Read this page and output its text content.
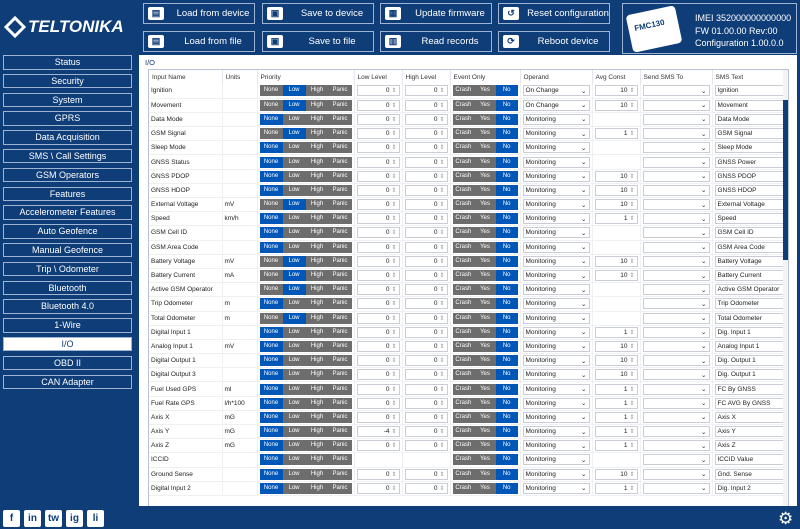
TELTONIKA
▤	Load from device	▣	Save to device	▦	Update firmware	↺	Reset configuration
▤	Load from file	▣	Save to file	▥	Read records	⟳	Reboot device
FMC130	IMEI 352000000000000
FW 01.00.00 Rev:00
Configuration 1.00.0.0
Status
Security
System
GPRS
Data Acquisition
SMS \ Call Settings
GSM Operators
Features
Accelerometer Features
Auto Geofence
Manual Geofence
Trip \ Odometer
Bluetooth
Bluetooth 4.0
1-Wire
I/O
OBD II
CAN Adapter
I/O
Input Name	Units	Priority	Low Level	High Level	Event Only	Operand	Avg Const	Send SMS To	SMS Text
Ignition		None Low High Panic	0 ⇕	0 ⇕	Crash Yes No	On Change ⌄	10 ⇕	⌄	Ignition

Movement		None Low High Panic	0 ⇕	0 ⇕	Crash Yes No	On Change ⌄	10 ⇕	⌄	Movement

Data Mode		None Low High Panic	0 ⇕	0 ⇕	Crash Yes No	Monitoring ⌄		⌄	Data Mode

GSM Signal		None Low High Panic	0 ⇕	0 ⇕	Crash Yes No	Monitoring ⌄	1 ⇕	⌄	GSM Signal

Sleep Mode		None Low High Panic	0 ⇕	0 ⇕	Crash Yes No	Monitoring ⌄		⌄	Sleep Mode

GNSS Status		None Low High Panic	0 ⇕	0 ⇕	Crash Yes No	Monitoring ⌄		⌄	GNSS Power

GNSS PDOP		None Low High Panic	0 ⇕	0 ⇕	Crash Yes No	Monitoring ⌄	10 ⇕	⌄	GNSS PDOP

GNSS HDOP		None Low High Panic	0 ⇕	0 ⇕	Crash Yes No	Monitoring ⌄	10 ⇕	⌄	GNSS HDOP

External Voltage	mV	None Low High Panic	0 ⇕	0 ⇕	Crash Yes No	Monitoring ⌄	10 ⇕	⌄	External Voltage

Speed	km/h	None Low High Panic	0 ⇕	0 ⇕	Crash Yes No	Monitoring ⌄	1 ⇕	⌄	Speed

GSM Cell ID		None Low High Panic	0 ⇕	0 ⇕	Crash Yes No	Monitoring ⌄		⌄	GSM Cell ID

GSM Area Code		None Low High Panic	0 ⇕	0 ⇕	Crash Yes No	Monitoring ⌄		⌄	GSM Area Code

Battery Voltage	mV	None Low High Panic	0 ⇕	0 ⇕	Crash Yes No	Monitoring ⌄	10 ⇕	⌄	Battery Voltage

Battery Current	mA	None Low High Panic	0 ⇕	0 ⇕	Crash Yes No	Monitoring ⌄	10 ⇕	⌄	Battery Current

Active GSM Operator		None Low High Panic	0 ⇕	0 ⇕	Crash Yes No	Monitoring ⌄		⌄	Active GSM Operator

Trip Odometer	m	None Low High Panic	0 ⇕	0 ⇕	Crash Yes No	Monitoring ⌄		⌄	Trip Odometer

Total Odometer	m	None Low High Panic	0 ⇕	0 ⇕	Crash Yes No	Monitoring ⌄		⌄	Total Odometer

Digital Input 1		None Low High Panic	0 ⇕	0 ⇕	Crash Yes No	Monitoring ⌄	1 ⇕	⌄	Dig. Input 1

Analog Input 1	mV	None Low High Panic	0 ⇕	0 ⇕	Crash Yes No	Monitoring ⌄	10 ⇕	⌄	Analog Input 1

Digital Output 1		None Low High Panic	0 ⇕	0 ⇕	Crash Yes No	Monitoring ⌄	10 ⇕	⌄	Dig. Output 1

Digital Output 3		None Low High Panic	0 ⇕	0 ⇕	Crash Yes No	Monitoring ⌄	10 ⇕	⌄	Dig. Output 1

Fuel Used GPS	ml	None Low High Panic	0 ⇕	0 ⇕	Crash Yes No	Monitoring ⌄	1 ⇕	⌄	FC By GNSS

Fuel Rate GPS	l/h*100	None Low High Panic	0 ⇕	0 ⇕	Crash Yes No	Monitoring ⌄	1 ⇕	⌄	FC AVG By GNSS

Axis X	mG	None Low High Panic	0 ⇕	0 ⇕	Crash Yes No	Monitoring ⌄	1 ⇕	⌄	Axis X

Axis Y	mG	None Low High Panic	-4 ⇕	0 ⇕	Crash Yes No	Monitoring ⌄	1 ⇕	⌄	Axis Y

Axis Z	mG	None Low High Panic	0 ⇕	0 ⇕	Crash Yes No	Monitoring ⌄	1 ⇕	⌄	Axis Z

ICCID		None Low High Panic			Crash Yes No	Monitoring ⌄		⌄	ICCID Value

Ground Sense		None Low High Panic	0 ⇕	0 ⇕	Crash Yes No	Monitoring ⌄	10 ⇕	⌄	Gnd. Sense

Digital Input 2		None Low High Panic	0 ⇕	0 ⇕	Crash Yes No	Monitoring ⌄	1 ⇕	⌄	Dig. Input 2
f	in	tw	ig	li	⚙
